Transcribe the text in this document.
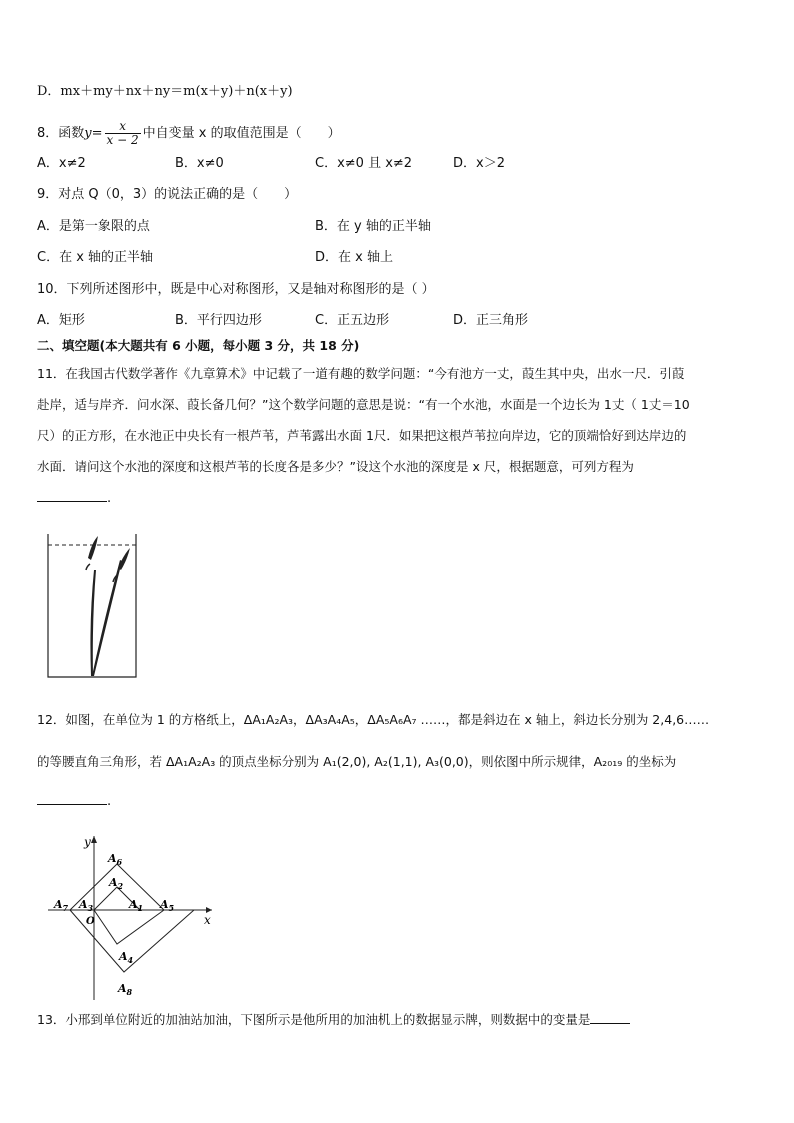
D．mx＋my＋nx＋ny＝m(x＋y)＋n(x＋y)
8．函数$y= \frac{x}{x - 2}$ 中自变量 x 的取值范围是（　　）
A．x≠2	B．x≠0	C．x≠0 且 x≠2	D．x＞2
9．对点 Q（0，3）的说法正确的是（　　）
A．是第一象限的点	B．在 y 轴的正半轴
C．在 x 轴的正半轴	D．在 x 轴上
10．下列所述图形中，既是中心对称图形，又是轴对称图形的是（ ）
A．矩形	B．平行四边形	C．正五边形	D．正三角形
二、填空题(本大题共有 6 小题，每小题 3 分，共 18 分)
11．在我国古代数学著作《九章算术》中记载了一道有趣的数学问题：“今有池方一丈，葭生其中央，出水一尺．引葭
赴岸，适与岸齐．问水深、葭长备几何？”这个数学问题的意思是说：“有一个水池，水面是一个边长为 1丈（ 1丈＝10
尺）的正方形，在水池正中央长有一根芦苇，芦苇露出水面 1尺．如果把这根芦苇拉向岸边，它的顶端恰好到达岸边的
水面．请问这个水池的深度和这根芦苇的长度各是多少？”设这个水池的深度是 x 尺，根据题意，可列方程为
.
12．如图，在单位为 1 的方格纸上，ΔA₁A₂A₃，ΔA₃A₄A₅，ΔA₅A₆A₇ ……，都是斜边在 x 轴上，斜边长分别为 2,4,6……
的等腰直角三角形，若 ΔA₁A₂A₃ 的顶点坐标分别为 A₁(2,0), A₂(1,1), A₃(0,0)，则依图中所示规律，A₂₀₁₉ 的坐标为
.
y
x
O
$A_1$
$A_2$
$A_3$
$A_4$
$A_5$
$A_6$
$A_7$
$A_8$
13．小邢到单位附近的加油站加油，下图所示是他所用的加油机上的数据显示牌，则数据中的变量是
